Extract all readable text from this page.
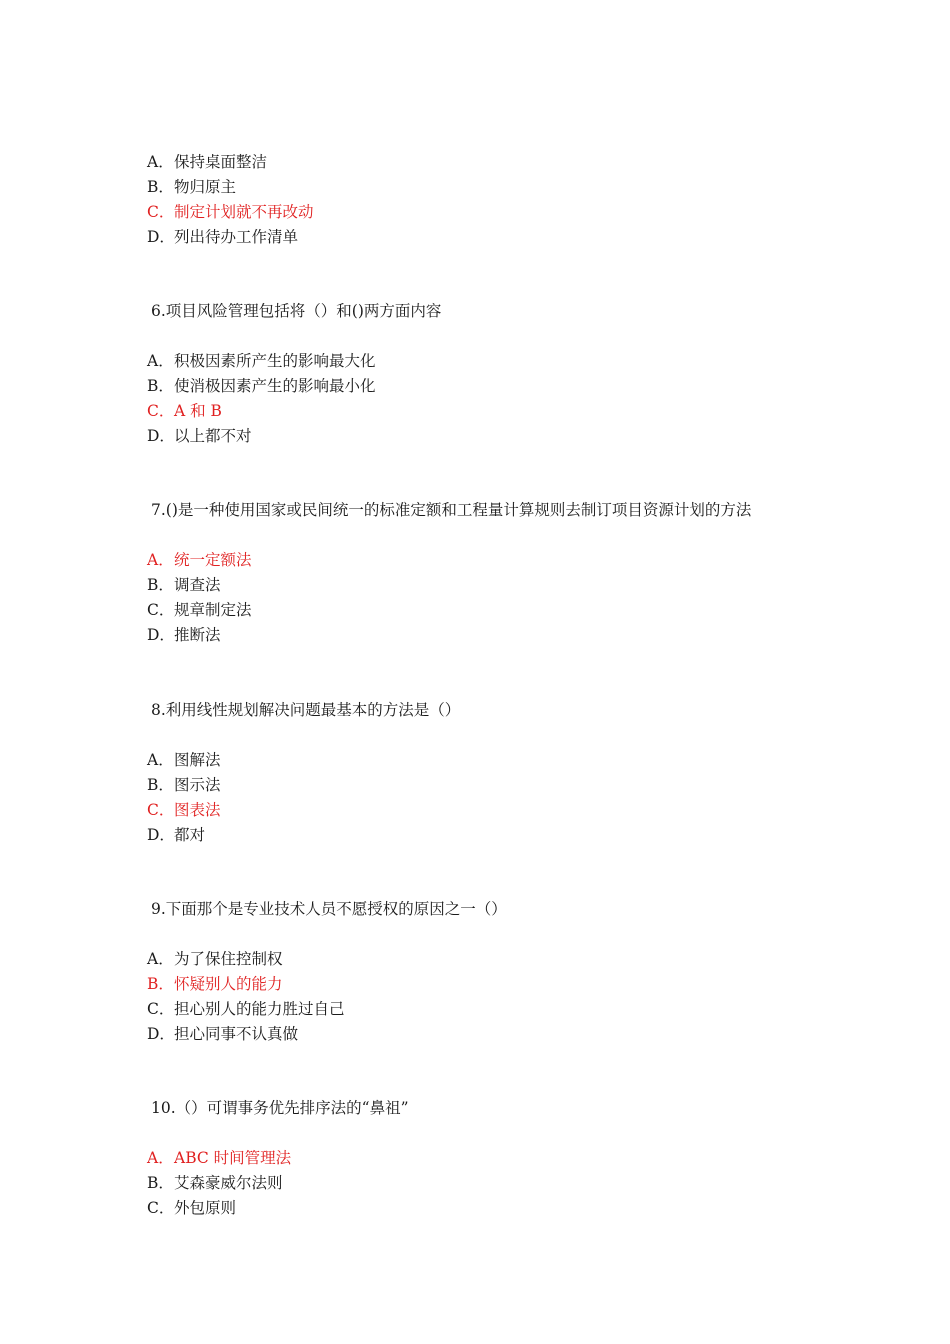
A．保持桌面整洁
B．物归原主
C．制定计划就不再改动
D．列出待办工作清单
6.项目风险管理包括将（）和()两方面内容
A．积极因素所产生的影响最大化
B．使消极因素产生的影响最小化
C．A 和 B
D．以上都不对
7.()是一种使用国家或民间统一的标准定额和工程量计算规则去制订项目资源计划的方法
A．统一定额法
B．调查法
C．规章制定法
D．推断法
8.利用线性规划解决问题最基本的方法是（）
A．图解法
B．图示法
C．图表法
D．都对
9.下面那个是专业技术人员不愿授权的原因之一（）
A．为了保住控制权
B．怀疑别人的能力
C．担心别人的能力胜过自己
D．担心同事不认真做
10.（）可谓事务优先排序法的“鼻祖”
A．ABC 时间管理法
B．艾森豪威尔法则
C．外包原则
